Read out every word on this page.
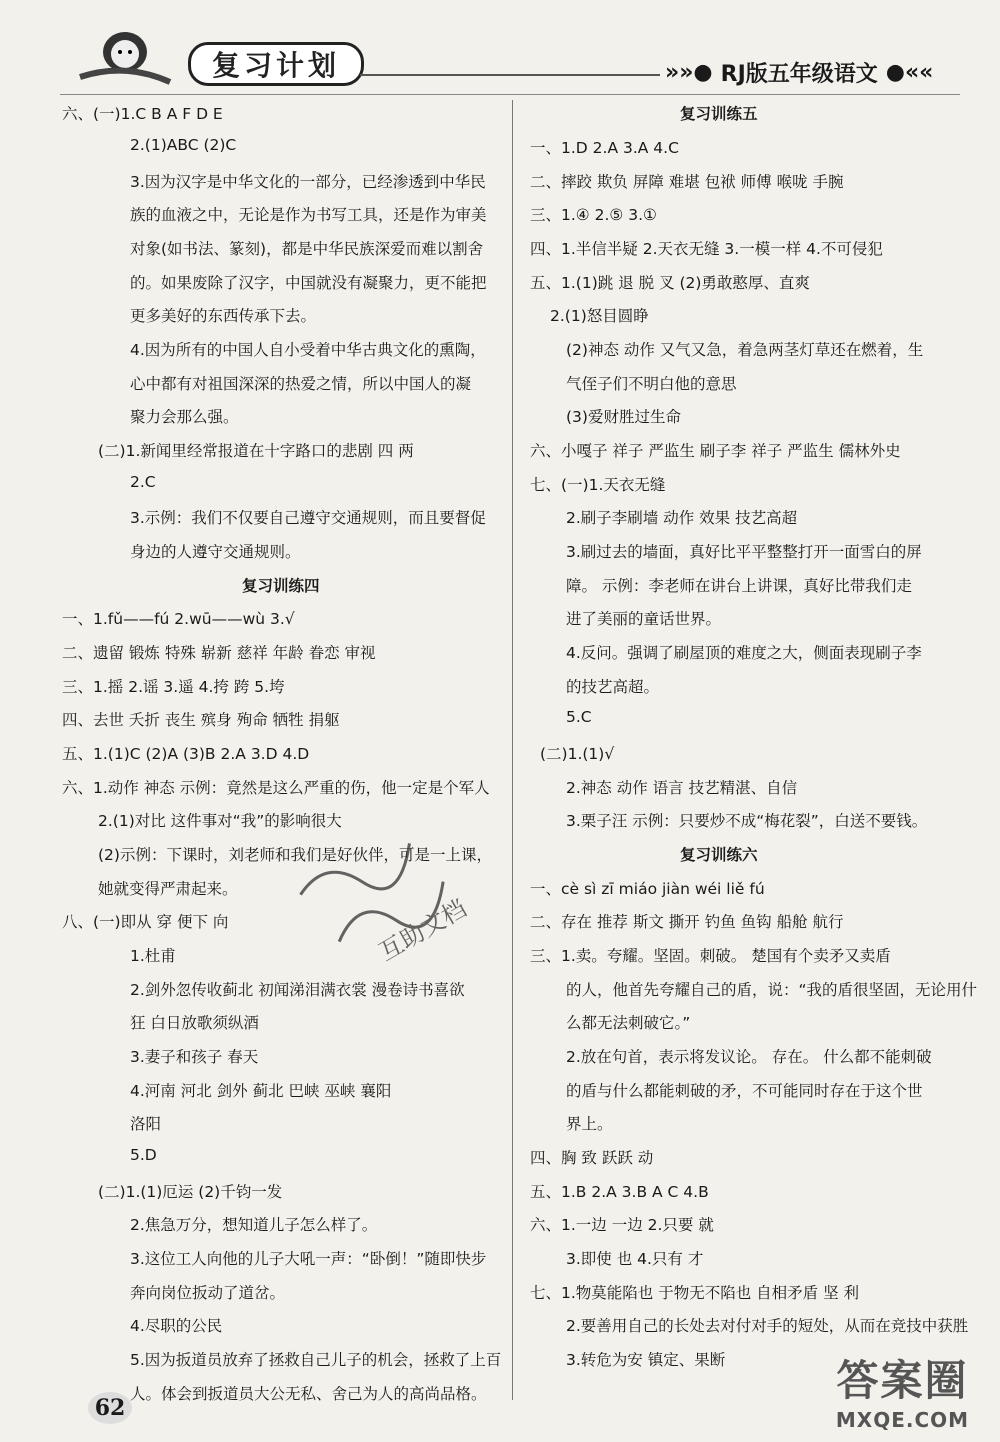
复习计划	»»● RJ版五年级语文 ●««
六、(一)1.C B A F D E
2.(1)ABC (2)C
3.因为汉字是中华文化的一部分，已经渗透到中华民
族的血液之中，无论是作为书写工具，还是作为审美
对象(如书法、篆刻)，都是中华民族深爱而难以割舍
的。如果废除了汉字，中国就没有凝聚力，更不能把
更多美好的东西传承下去。
4.因为所有的中国人自小受着中华古典文化的熏陶，
心中都有对祖国深深的热爱之情，所以中国人的凝
聚力会那么强。
(二)1.新闻里经常报道在十字路口的悲剧 四 两
2.C
3.示例：我们不仅要自己遵守交通规则，而且要督促
身边的人遵守交通规则。
复习训练四
一、1.fǔ——fú 2.wū——wù 3.√
二、遗留 锻炼 特殊 崭新 慈祥 年龄 眷恋 审视
三、1.摇 2.谣 3.遥 4.挎 跨 5.垮
四、去世 夭折 丧生 殡身 殉命 牺牲 捐躯
五、1.(1)C (2)A (3)B 2.A 3.D 4.D
六、1.动作 神态 示例：竟然是这么严重的伤，他一定是个军人
2.(1)对比 这件事对“我”的影响很大
(2)示例：下课时，刘老师和我们是好伙伴，可是一上课，
她就变得严肃起来。
八、(一)即从 穿 便下 向
1.杜甫
2.剑外忽传收蓟北 初闻涕泪满衣裳 漫卷诗书喜欲
狂 白日放歌须纵酒
3.妻子和孩子 春天
4.河南 河北 剑外 蓟北 巴峡 巫峡 襄阳
洛阳
5.D
(二)1.(1)厄运 (2)千钧一发
2.焦急万分，想知道儿子怎么样了。
3.这位工人向他的儿子大吼一声：“卧倒！”随即快步
奔向岗位扳动了道岔。
4.尽职的公民
5.因为扳道员放弃了拯救自己儿子的机会，拯救了上百
人。体会到扳道员大公无私、舍己为人的高尚品格。
复习训练五
一、1.D 2.A 3.A 4.C
二、摔跤 欺负 屏障 难堪 包袱 师傅 喉咙 手腕
三、1.④ 2.⑤ 3.①
四、1.半信半疑 2.天衣无缝 3.一模一样 4.不可侵犯
五、1.(1)跳 退 脱 叉 (2)勇敢憨厚、直爽
2.(1)怒目圆睁
(2)神态 动作 又气又急，着急两茎灯草还在燃着，生
气侄子们不明白他的意思
(3)爱财胜过生命
六、小嘎子 祥子 严监生 刷子李 祥子 严监生 儒林外史
七、(一)1.天衣无缝
2.刷子李刷墙 动作 效果 技艺高超
3.刷过去的墙面，真好比平平整整打开一面雪白的屏
障。 示例：李老师在讲台上讲课，真好比带我们走
进了美丽的童话世界。
4.反问。强调了刷屋顶的难度之大，侧面表现刷子李
的技艺高超。
5.C
(二)1.(1)√
2.神态 动作 语言 技艺精湛、自信
3.栗子汪 示例：只要炒不成“梅花裂”，白送不要钱。
复习训练六
一、cè sì zī miáo jiàn wéi liě fú
二、存在 推荐 斯文 撕开 钓鱼 鱼钩 船舱 航行
三、1.卖。夸耀。坚固。刺破。 楚国有个卖矛又卖盾
的人，他首先夸耀自己的盾，说：“我的盾很坚固，无论用什
么都无法刺破它。”
2.放在句首，表示将发议论。 存在。 什么都不能刺破
的盾与什么都能刺破的矛，不可能同时存在于这个世
界上。
四、胸 致 跃跃 动
五、1.B 2.A 3.B A C 4.B
六、1.一边 一边 2.只要 就
3.即使 也 4.只有 才
七、1.物莫能陷也 于物无不陷也 自相矛盾 坚 利
2.要善用自己的长处去对付对手的短处，从而在竞技中获胜
3.转危为安 镇定、果断
互助文档
62
答案圈
MXQE.COM
